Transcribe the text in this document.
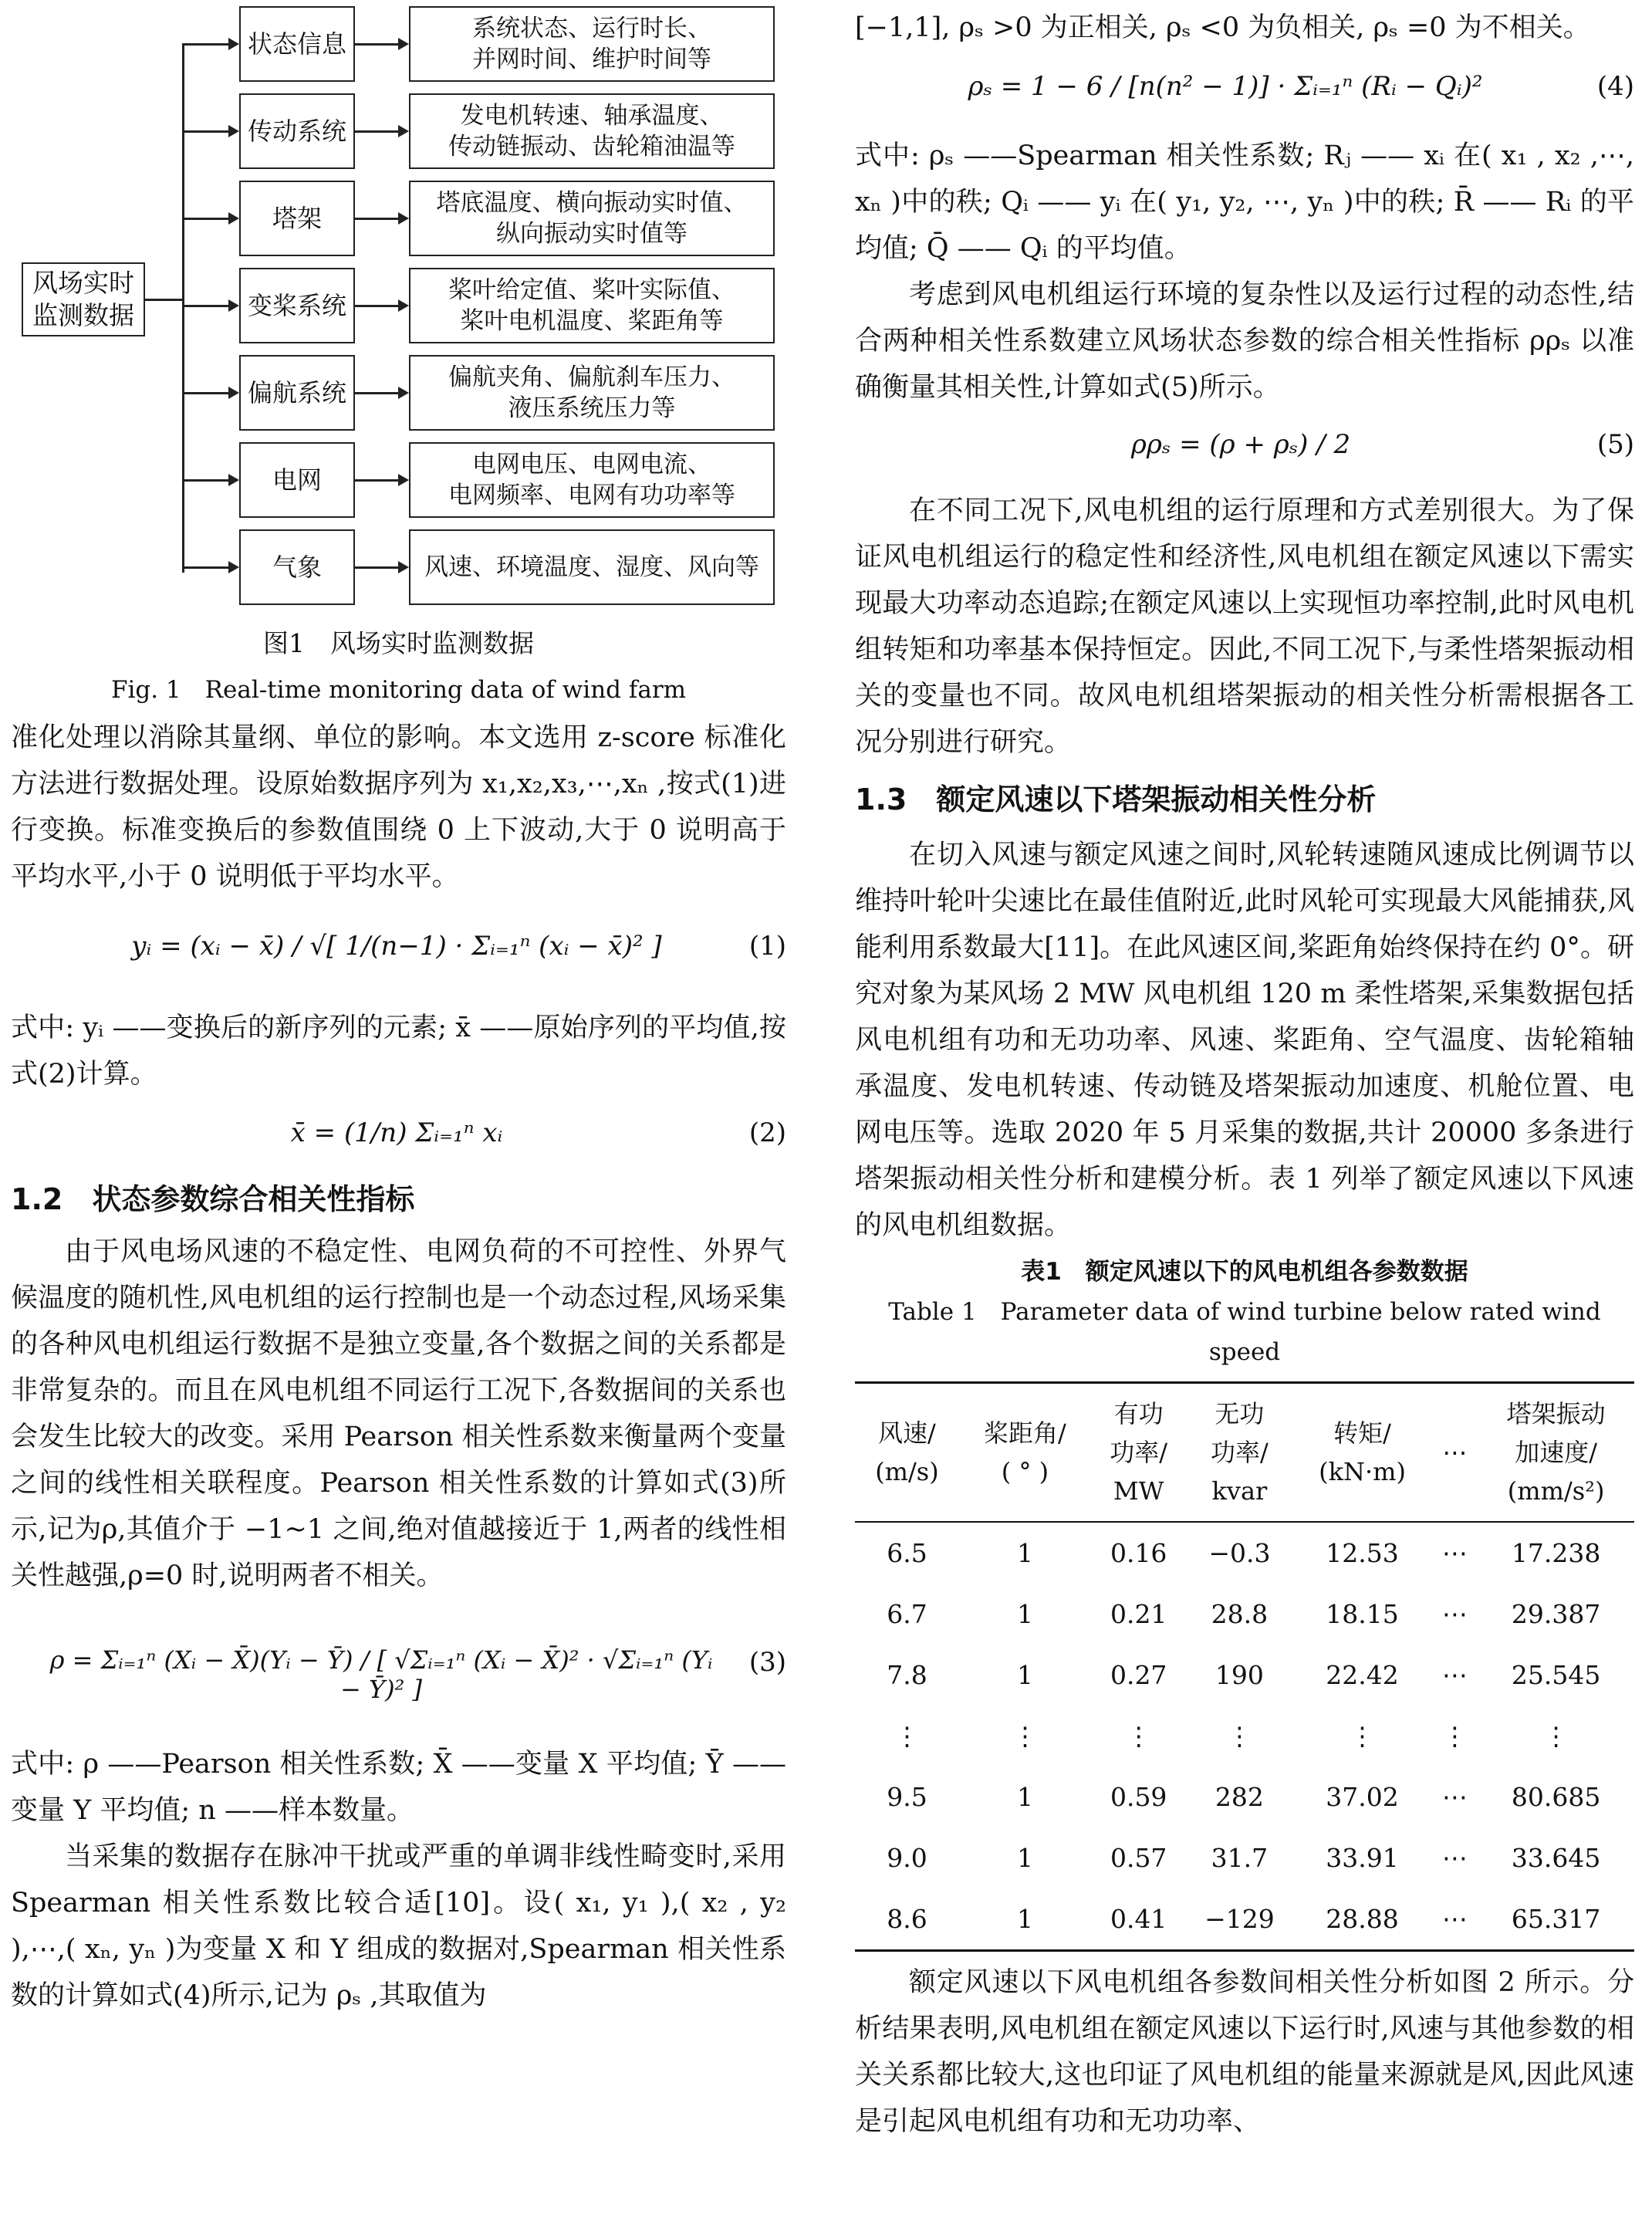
风场实时
监测数据
图1　风场实时监测数据
Fig. 1　Real-time monitoring data of wind farm
状态信息
系统状态、运行时长、
并网时间、维护时间等
传动系统
发电机转速、轴承温度、
传动链振动、齿轮箱油温等
塔架
塔底温度、横向振动实时值、
纵向振动实时值等
变桨系统
桨叶给定值、桨叶实际值、
桨叶电机温度、桨距角等
偏航系统
偏航夹角、偏航刹车压力、
液压系统压力等
电网
电网电压、电网电流、
电网频率、电网有功功率等
气象	风速、环境温度、湿度、风向等

准化处理以消除其量纲、单位的影响。本文选用 z-score 标准化方法进行数据处理。设原始数据序列为 x₁,x₂,x₃,⋯,xₙ ,按式(1)进行变换。标准变换后的参数值围绕 0 上下波动,大于 0 说明高于平均水平,小于 0 说明低于平均水平。

yᵢ = (xᵢ − x̄) / √[ 1/(n−1) · Σᵢ₌₁ⁿ (xᵢ − x̄)² ]	(1)

式中: yᵢ ——变换后的新序列的元素; x̄ ——原始序列的平均值,按式(2)计算。

x̄ = (1/n) Σᵢ₌₁ⁿ xᵢ	(2)

1.2　状态参数综合相关性指标

由于风电场风速的不稳定性、电网负荷的不可控性、外界气候温度的随机性,风电机组的运行控制也是一个动态过程,风场采集的各种风电机组运行数据不是独立变量,各个数据之间的关系都是非常复杂的。而且在风电机组不同运行工况下,各数据间的关系也会发生比较大的改变。采用 Pearson 相关性系数来衡量两个变量之间的线性相关联程度。Pearson 相关性系数的计算如式(3)所示,记为ρ,其值介于 −1~1 之间,绝对值越接近于 1,两者的线性相关性越强,ρ=0 时,说明两者不相关。

ρ = Σᵢ₌₁ⁿ (Xᵢ − X̄)(Yᵢ − Ȳ) / [ √Σᵢ₌₁ⁿ (Xᵢ − X̄)² · √Σᵢ₌₁ⁿ (Yᵢ − Ȳ)² ]
(3)

式中: ρ ——Pearson 相关性系数; X̄ ——变量 X 平均值; Ȳ ——变量 Y 平均值; n ——样本数量。

当采集的数据存在脉冲干扰或严重的单调非线性畸变时,采用 Spearman 相关性系数比较合适[10]。设( x₁, y₁ ),( x₂ , y₂ ),⋯,( xₙ, yₙ )为变量 X 和 Y 组成的数据对,Spearman 相关性系数的计算如式(4)所示,记为 ρₛ ,其取值为

[−1,1], ρₛ >0 为正相关, ρₛ <0 为负相关, ρₛ =0 为不相关。

ρₛ = 1 − 6 / [n(n² − 1)] · Σᵢ₌₁ⁿ (Rᵢ − Qᵢ)²	(4)

式中: ρₛ ——Spearman 相关性系数; Rⱼ —— xᵢ 在( x₁ , x₂ ,⋯, xₙ )中的秩; Qᵢ —— yᵢ 在( y₁, y₂, ⋯, yₙ )中的秩; R̄ —— Rᵢ 的平均值; Q̄ —— Qᵢ 的平均值。

考虑到风电机组运行环境的复杂性以及运行过程的动态性,结合两种相关性系数建立风场状态参数的综合相关性指标 ρρₛ 以准确衡量其相关性,计算如式(5)所示。

ρρₛ = (ρ + ρₛ) / 2	(5)

在不同工况下,风电机组的运行原理和方式差别很大。为了保证风电机组运行的稳定性和经济性,风电机组在额定风速以下需实现最大功率动态追踪;在额定风速以上实现恒功率控制,此时风电机组转矩和功率基本保持恒定。因此,不同工况下,与柔性塔架振动相关的变量也不同。故风电机组塔架振动的相关性分析需根据各工况分别进行研究。

1.3　额定风速以下塔架振动相关性分析

在切入风速与额定风速之间时,风轮转速随风速成比例调节以维持叶轮叶尖速比在最佳值附近,此时风轮可实现最大风能捕获,风能利用系数最大[11]。在此风速区间,桨距角始终保持在约 0°。研究对象为某风场 2 MW 风电机组 120 m 柔性塔架,采集数据包括风电机组有功和无功功率、风速、桨距角、空气温度、齿轮箱轴承温度、发电机转速、传动链及塔架振动加速度、机舱位置、电网电压等。选取 2020 年 5 月采集的数据,共计 20000 多条进行塔架振动相关性分析和建模分析。表 1 列举了额定风速以下风速的风电机组数据。

表1　额定风速以下的风电机组各参数数据

Table 1　Parameter data of wind turbine below rated wind speed

风速/
(m/s)	桨距角/
( ° )	有功
功率/
MW	无功
功率/
kvar	转矩/
(kN·m)	⋯	塔架振动
加速度/
(mm/s²)
6.5	1	0.16	−0.3	12.53	⋯	17.238
6.7	1	0.21	28.8	18.15	⋯	29.387
7.8	1	0.27	190	22.42	⋯	25.545
⋮	⋮	⋮	⋮	⋮	⋮	⋮
9.5	1	0.59	282	37.02	⋯	80.685
9.0	1	0.57	31.7	33.91	⋯	33.645
8.6	1	0.41	−129	28.88	⋯	65.317

额定风速以下风电机组各参数间相关性分析如图 2 所示。分析结果表明,风电机组在额定风速以下运行时,风速与其他参数的相关关系都比较大,这也印证了风电机组的能量来源就是风,因此风速是引起风电机组有功和无功功率、
